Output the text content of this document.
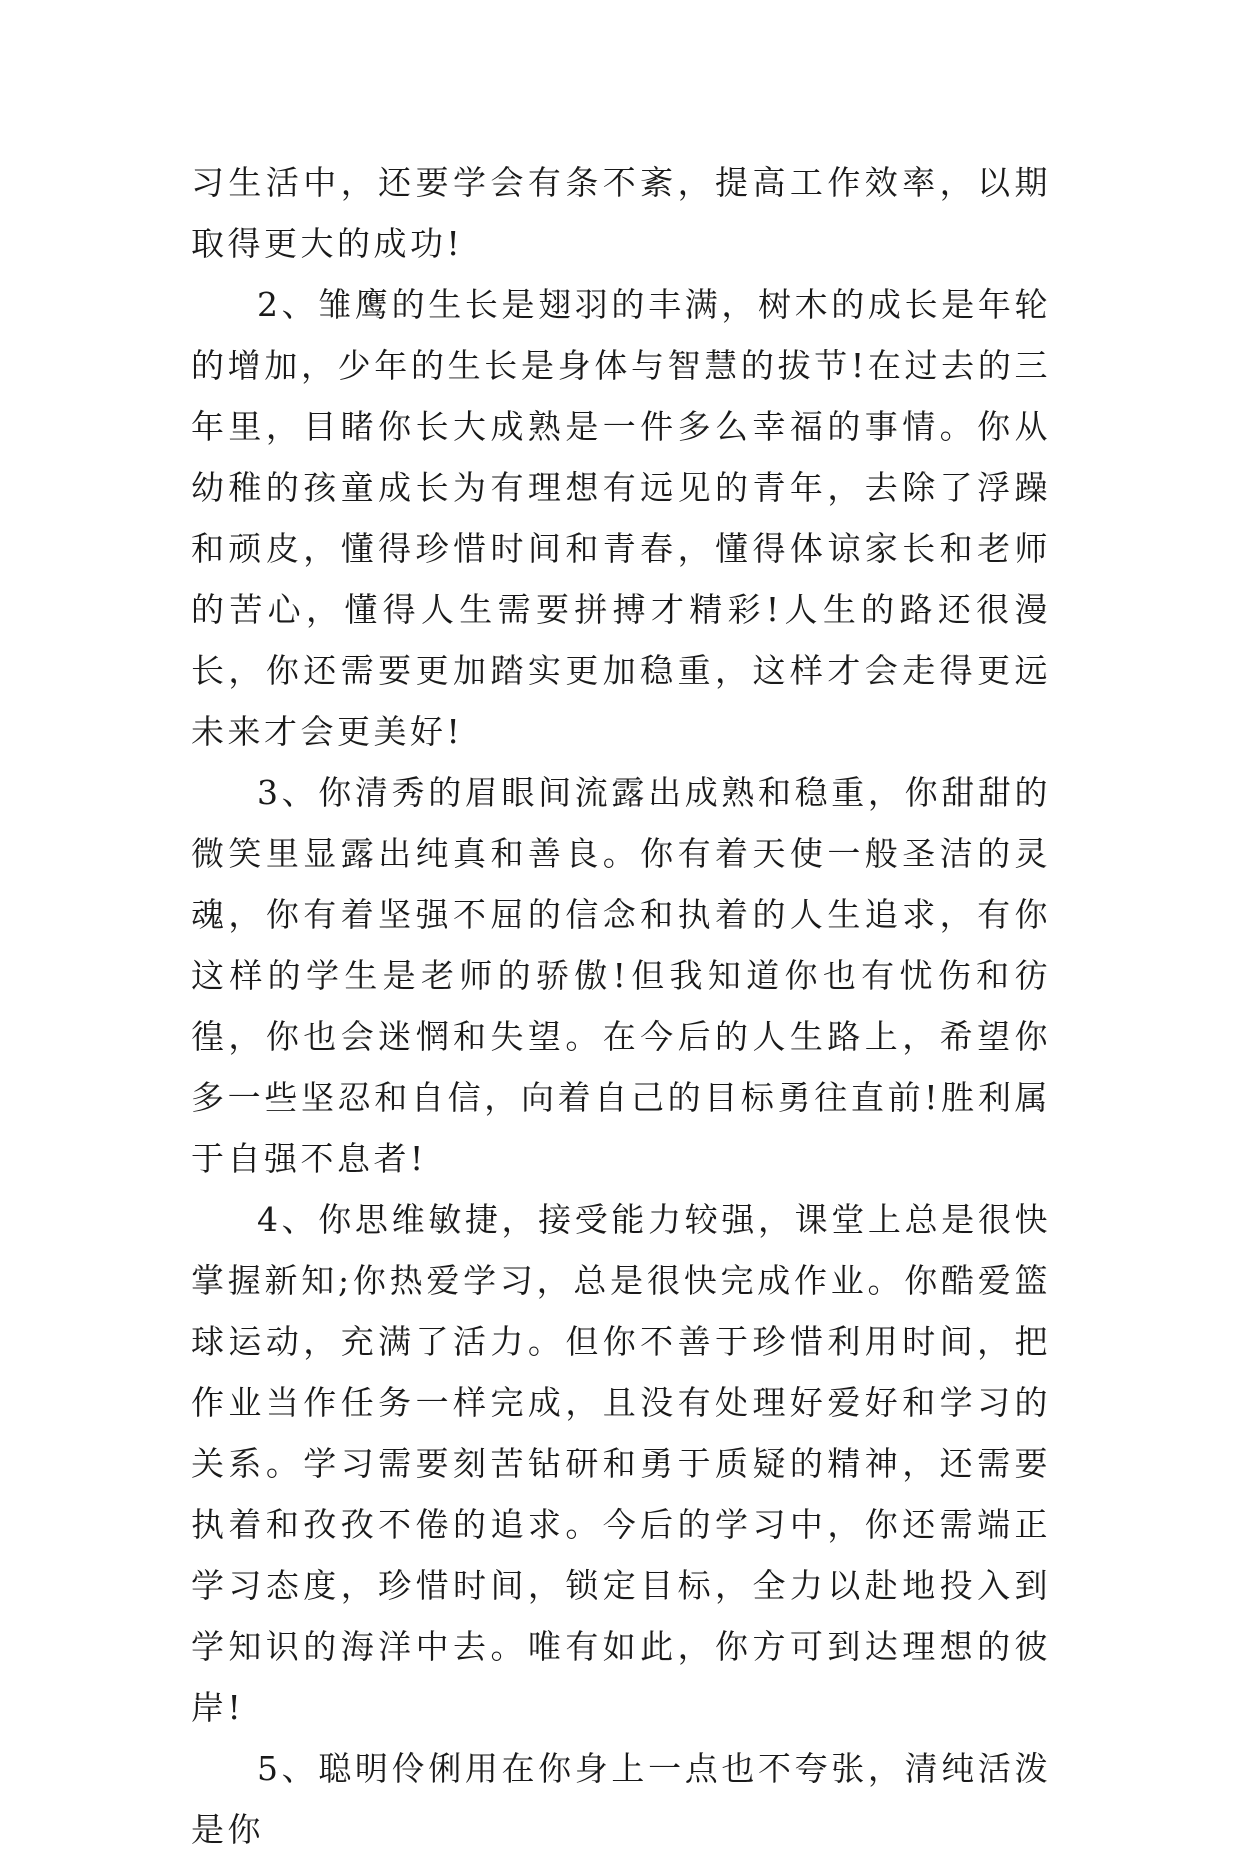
习生活中，还要学会有条不紊，提高工作效率，以期取得更大的成功!

2、雏鹰的生长是翅羽的丰满，树木的成长是年轮的增加，少年的生长是身体与智慧的拔节!在过去的三年里，目睹你长大成熟是一件多么幸福的事情。你从幼稚的孩童成长为有理想有远见的青年，去除了浮躁和顽皮，懂得珍惜时间和青春，懂得体谅家长和老师的苦心，懂得人生需要拼搏才精彩!人生的路还很漫长，你还需要更加踏实更加稳重，这样才会走得更远未来才会更美好!

3、你清秀的眉眼间流露出成熟和稳重，你甜甜的微笑里显露出纯真和善良。你有着天使一般圣洁的灵魂，你有着坚强不屈的信念和执着的人生追求，有你这样的学生是老师的骄傲!但我知道你也有忧伤和彷徨，你也会迷惘和失望。在今后的人生路上，希望你多一些坚忍和自信，向着自己的目标勇往直前!胜利属于自强不息者!

4、你思维敏捷，接受能力较强，课堂上总是很快掌握新知;你热爱学习，总是很快完成作业。你酷爱篮球运动，充满了活力。但你不善于珍惜利用时间，把作业当作任务一样完成，且没有处理好爱好和学习的关系。学习需要刻苦钻研和勇于质疑的精神，还需要执着和孜孜不倦的追求。今后的学习中，你还需端正学习态度，珍惜时间，锁定目标，全力以赴地投入到学知识的海洋中去。唯有如此，你方可到达理想的彼岸!

5、聪明伶俐用在你身上一点也不夸张，清纯活泼是你
